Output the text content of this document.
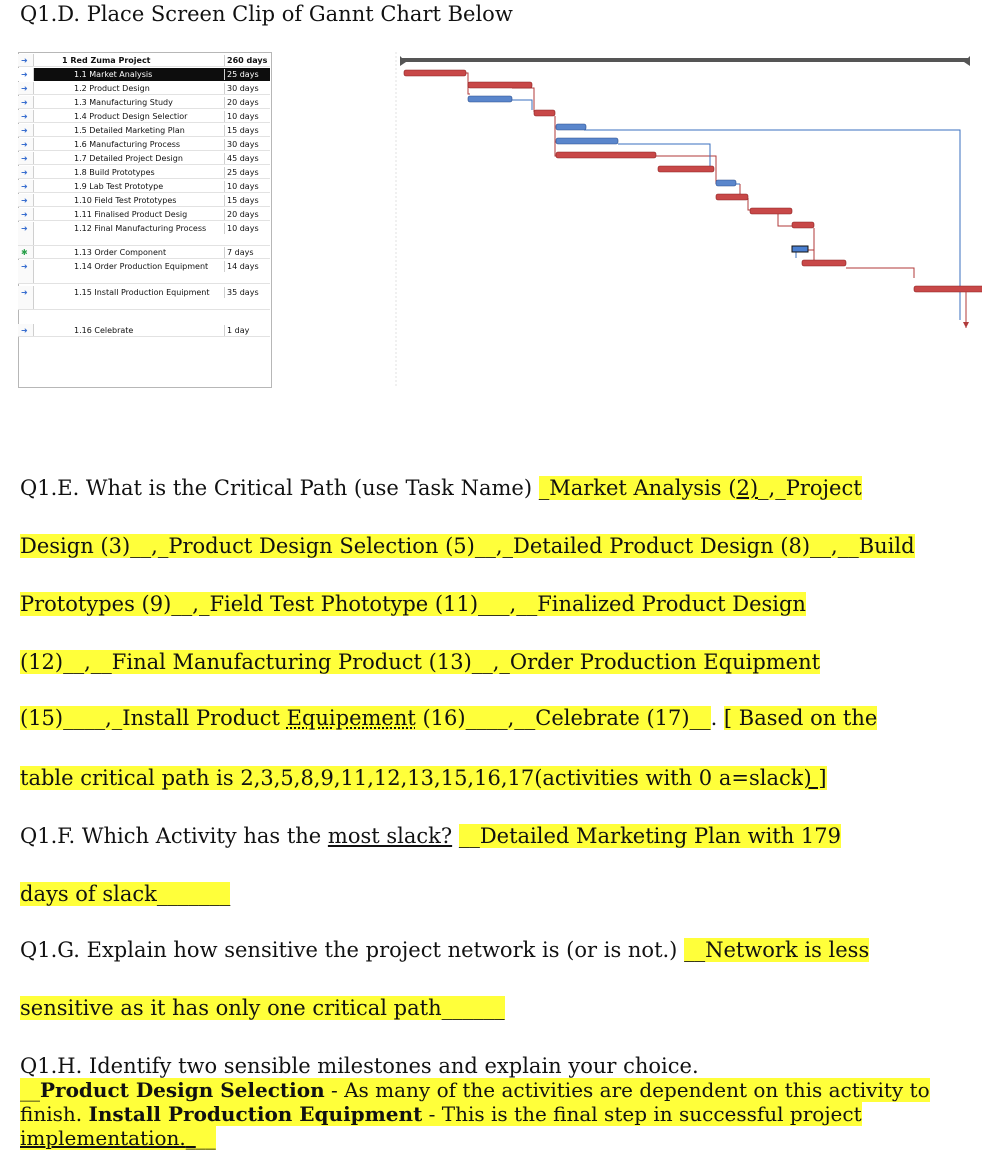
Q1.D. Place Screen Clip of Gannt Chart Below
➜	1 Red Zuma Project	260 days
➜	1.1 Market Analysis	25 days
➜	1.2 Product Design	30 days
➜	1.3 Manufacturing Study	20 days
➜	1.4 Product Design Selectior	10 days
➜	1.5 Detailed Marketing Plan	15 days
➜	1.6 Manufacturing Process	30 days
➜	1.7 Detailed Project Design	45 days
➜	1.8 Build Prototypes	25 days
➜	1.9 Lab Test Prototype	10 days
➜	1.10 Field Test Prototypes	15 days
➜	1.11 Finalised Product Desig	20 days
➜	1.12 Final Manufacturing Process	10 days
✱	1.13 Order Component	7 days
➜	1.14 Order Production Equipment	14 days
➜	1.15 Install Production Equipment	35 days
➜	1.16 Celebrate	1 day
Q1.E. What is the Critical Path (use Task Name) _Market Analysis (2)_,_Project
Design (3)__,_Product Design Selection (5)__,_Detailed Product Design (8)__,__Build
Prototypes (9)__,_Field Test Phototype (11)___,__Finalized Product Design
(12)__,__Final Manufacturing Product (13)__,_Order Production Equipment
(15)____,_Install Product Equipement (16)____,__Celebrate (17)__. [ Based on the
table critical path is 2,3,5,8,9,11,12,13,15,16,17(activities with 0 a=slack) ]
Q1.F. Which Activity has the most slack? __Detailed Marketing Plan with 179
days of slack_______
Q1.G. Explain how sensitive the project network is (or is not.) __Network is less
sensitive as it has only one critical path______
Q1.H. Identify two sensible milestones and explain your choice.
__Product Design Selection - As many of the activities are dependent on this activity to finish. Install Production Equipment - This is the final step in successful project implementation.___
